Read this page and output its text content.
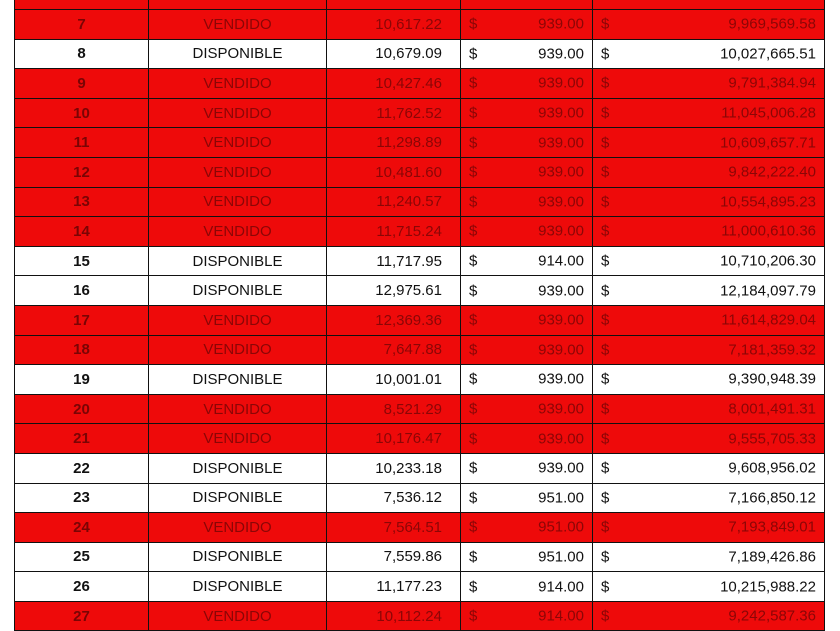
7	VENDIDO	10,617.22	$ 939.00	$ 9,969,569.58

8	DISPONIBLE	10,679.09	$ 939.00	$ 10,027,665.51

9	VENDIDO	10,427.46	$ 939.00	$ 9,791,384.94

10	VENDIDO	11,762.52	$ 939.00	$ 11,045,006.28

11	VENDIDO	11,298.89	$ 939.00	$ 10,609,657.71

12	VENDIDO	10,481.60	$ 939.00	$ 9,842,222.40

13	VENDIDO	11,240.57	$ 939.00	$ 10,554,895.23

14	VENDIDO	11,715.24	$ 939.00	$ 11,000,610.36

15	DISPONIBLE	11,717.95	$ 914.00	$ 10,710,206.30

16	DISPONIBLE	12,975.61	$ 939.00	$ 12,184,097.79

17	VENDIDO	12,369.36	$ 939.00	$ 11,614,829.04

18	VENDIDO	7,647.88	$ 939.00	$ 7,181,359.32

19	DISPONIBLE	10,001.01	$ 939.00	$ 9,390,948.39

20	VENDIDO	8,521.29	$ 939.00	$ 8,001,491.31

21	VENDIDO	10,176.47	$ 939.00	$ 9,555,705.33

22	DISPONIBLE	10,233.18	$ 939.00	$ 9,608,956.02

23	DISPONIBLE	7,536.12	$ 951.00	$ 7,166,850.12

24	VENDIDO	7,564.51	$ 951.00	$ 7,193,849.01

25	DISPONIBLE	7,559.86	$ 951.00	$ 7,189,426.86

26	DISPONIBLE	11,177.23	$ 914.00	$ 10,215,988.22

27	VENDIDO	10,112.24	$ 914.00	$ 9,242,587.36
